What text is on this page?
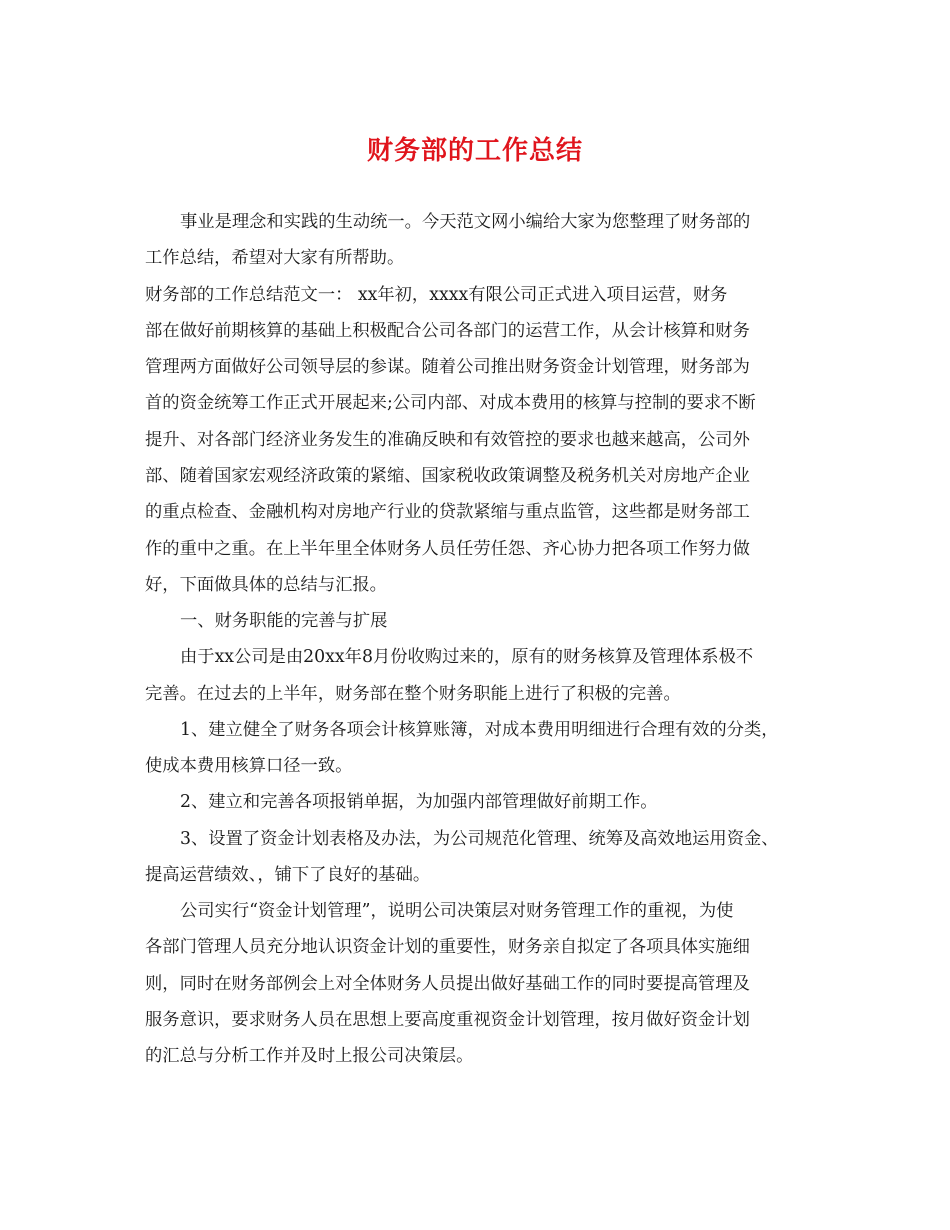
财务部的工作总结
事业是理念和实践的生动统一。今天范文网小编给大家为您整理了财务部的
工作总结，希望对大家有所帮助。
财务部的工作总结范文一： xx年初，xxxx有限公司正式进入项目运营，财务
部在做好前期核算的基础上积极配合公司各部门的运营工作，从会计核算和财务
管理两方面做好公司领导层的参谋。随着公司推出财务资金计划管理，财务部为
首的资金统筹工作正式开展起来;公司内部、对成本费用的核算与控制的要求不断
提升、对各部门经济业务发生的准确反映和有效管控的要求也越来越高，公司外
部、随着国家宏观经济政策的紧缩、国家税收政策调整及税务机关对房地产企业
的重点检查、金融机构对房地产行业的贷款紧缩与重点监管，这些都是财务部工
作的重中之重。在上半年里全体财务人员任劳任怨、齐心协力把各项工作努力做
好，下面做具体的总结与汇报。
一、财务职能的完善与扩展
由于xx公司是由20xx年8月份收购过来的，原有的财务核算及管理体系极不
完善。在过去的上半年，财务部在整个财务职能上进行了积极的完善。
1、建立健全了财务各项会计核算账簿，对成本费用明细进行合理有效的分类，
使成本费用核算口径一致。
2、建立和完善各项报销单据，为加强内部管理做好前期工作。
3、设置了资金计划表格及办法，为公司规范化管理、统筹及高效地运用资金、
提高运营绩效、，铺下了良好的基础。
公司实行“资金计划管理”，说明公司决策层对财务管理工作的重视，为使
各部门管理人员充分地认识资金计划的重要性，财务亲自拟定了各项具体实施细
则，同时在财务部例会上对全体财务人员提出做好基础工作的同时要提高管理及
服务意识，要求财务人员在思想上要高度重视资金计划管理，按月做好资金计划
的汇总与分析工作并及时上报公司决策层。
